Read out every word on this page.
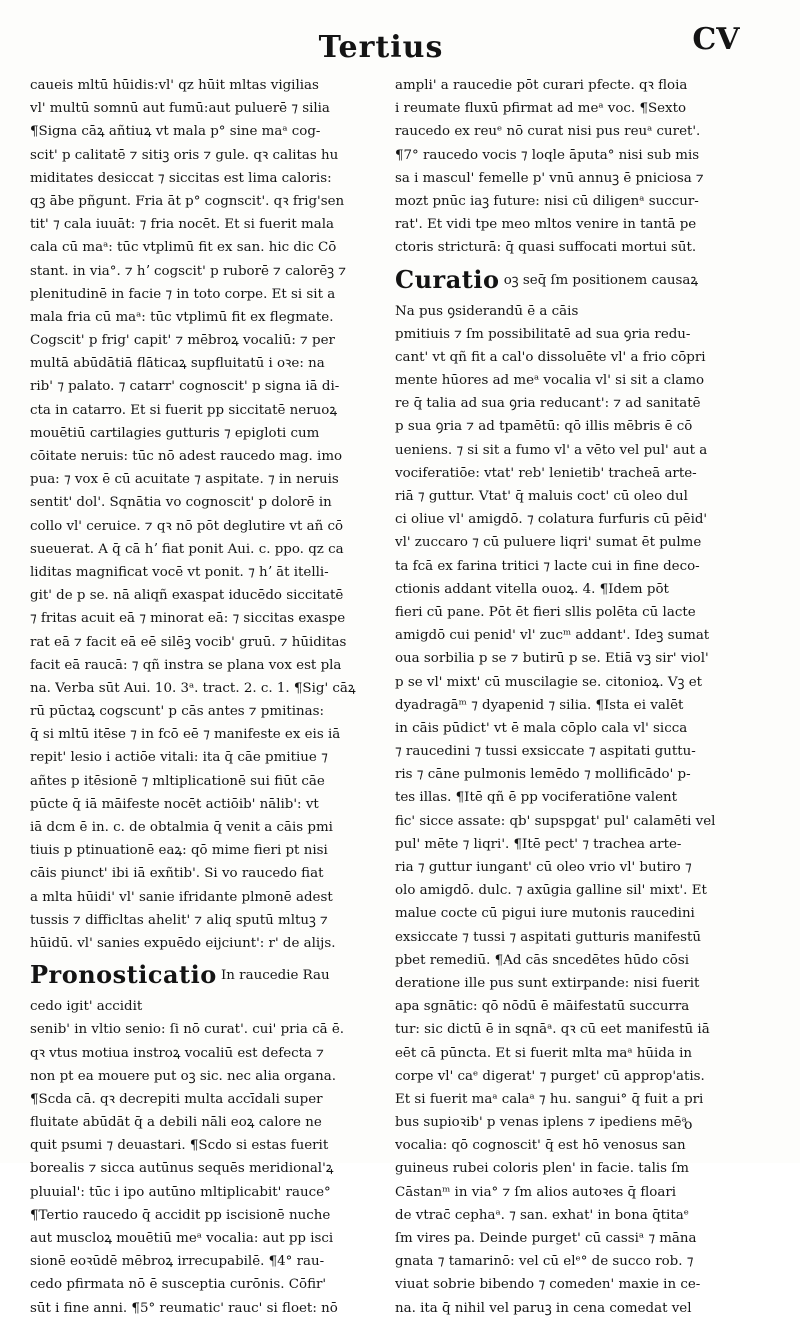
Tertius	CV
caueis mltū hūidis:vl' qz hūit mltas vigilias
vl' multū somnū aut fumū:aut puluerē ⁊ silia
¶Signa cāꝝ añtiuꝝ vt mala p° sine maᵃ cog-
scit' p calitatē ⁊ sitiꝫ oris ⁊ gule. qꝛ calitas hu
miditates desiccat ⁊ siccitas est lima caloris:
qꝫ ābe pñgunt. Fria āt p° cognscit'. qꝛ frig'sen
tit' ⁊ cala iuuāt: ⁊ fria nocēt. Et si fuerit mala
cala cū maᵃ: tūc vtplimū fit ex san. hic dic Cō
stant. in via°. ⁊ hʼ cogscit' p ruborē ⁊ calorēꝫ ⁊
plenitudinē in facie ⁊ in toto corpe. Et si sit a
mala fria cū maᵃ: tūc vtplimū fit ex flegmate.
Cogscit' p frig' capit' ⁊ mēbroꝝ vocaliū: ⁊ per
multā abūdātiā flāticaꝝ supfluitatū i oꝛe: na
rib' ⁊ palato. ⁊ catarr' cognoscit' p signa iā di-
cta in catarro. Et si fuerit pp siccitatē neruoꝝ
mouētiū cartilagies gutturis ⁊ epigloti cum
cōitate neruis: tūc nō adest raucedo mag. imo
pua: ⁊ vox ē cū acuitate ⁊ aspitate. ⁊ in neruis
sentit' dol'. Sqnātia vo cognoscit' p dolorē in
collo vl' ceruice. ⁊ qꝛ nō pōt deglutire vt añ cō
sueuerat. A q̄ cā hʼ fiat ponit Aui. c. ppo. qz ca
liditas magnificat vocē vt ponit. ⁊ hʼ āt itelli-
git' de p se. nā aliqñ exaspat iducēdo siccitatē
⁊ fritas acuit eā ⁊ minorat eā: ⁊ siccitas exaspe
rat eā ⁊ facit eā eē silēꝫ vocib' gruū. ⁊ hūiditas
facit eā raucā: ⁊ qñ instra se plana vox est pla
na. Verba sūt Aui. 10. 3ᵃ. tract. 2. c. 1. ¶Sig' cāꝝ
rū pūctaꝝ cogscunt' p cās antes ⁊ pmitinas:
q̄ si mltū itēse ⁊ in fcō eē ⁊ manifeste ex eis iā
repit' lesio i actiōe vitali: ita q̄ cāe pmitiue ⁊
añtes p itēsionē ⁊ mltiplicationē sui fiūt cāe
pūcte q̄ iā māifeste nocēt actiōib' nālib': vt
iā dcm ē in. c. de obtalmia q̄ venit a cāis pmi
tiuis p ptinuationē eaꝝ: qō mime fieri pt nisi
cāis piunct' ibi iā exñtib'. Si vo raucedo fiat
a mlta hūidi' vl' sanie ifridante plmonē adest
tussis ⁊ difficltas ahelit' ⁊ aliq sputū mltuꝫ ⁊
hūidū. vl' sanies expuēdo eijciunt': r' de alijs.
Pronosticatio In raucedie Rau
cedo igit' accidit
senib' in vltio senio: ſi nō curat'. cui' pria cā ē.
qꝛ vtus motiua instroꝝ vocaliū est defecta ⁊
non pt ea mouere put oꝫ sic. nec alia organa.
¶Scda cā. qꝛ decrepiti multa accīdali super
fluitate abūdāt q̄ a debili nāli eoꝝ calore ne
quit psumi ⁊ deuastari. ¶Scdo si estas fuerit
borealis ⁊ sicca autūnus sequēs meridional'ꝝ
pluuial': tūc i ipo autūno mltiplicabit' rauce°
¶Tertio raucedo q̄ accidit pp iscisionē nuche
aut muscloꝝ mouētiū meᵃ vocalia: aut pp isci
sionē eoꝛūdē mēbroꝝ irrecupabilē. ¶4° rau-
cedo pfirmata nō ē susceptia curōnis. Cōfir'
sūt i fine anni. ¶5° reumatic' rauc' si floet: nō
ampli' a raucedie pōt curari pfecte. qꝛ floia
i reumate fluxū pfirmat ad meᵃ voc. ¶Sexto
raucedo ex reuᵉ nō curat nisi pus reuᵃ curet'.
¶7° raucedo vocis ⁊ loqle āputa° nisi sub mis
sa i mascul' femelle p' vnū annuꝫ ē pniciosa ⁊
mozt pnūc iaꝫ future: nisi cū diligenᵃ succur-
rat'. Et vidi tpe meo mltos venire in tantā pe
ctoris stricturā: q̄ quasi suffocati mortui sūt.
Curatio oꝫ seq̄ ſm positionem causaꝝ
Na pus ꝯsiderandū ē a cāis
pmitiuis ⁊ ſm possibilitatē ad sua ꝯria redu-
cant' vt qñ fit a cal'o dissoluēte vl' a frio cōpri
mente hūores ad meᵃ vocalia vl' si sit a clamo
re q̄ talia ad sua ꝯria reducant': ⁊ ad sanitatē
p sua ꝯria ⁊ ad tpamētū: qō illis mēbris ē cō
ueniens. ⁊ si sit a fumo vl' a vēto vel pul' aut a
vociferatiōe: vtat' reb' lenietib' tracheā arte-
riā ⁊ guttur. Vtat' q̄ maluis coct' cū oleo dul
ci oliue vl' amigdō. ⁊ colatura furfuris cū pēid'
vl' zuccaro ⁊ cū puluere liqri' sumat ēt pulme
ta fcā ex farina tritici ⁊ lacte cui in fine deco-
ctionis addant vitella ouoꝝ. 4. ¶Idem pōt
fieri cū pane. Pōt ēt fieri sllis polēta cū lacte
amigdō cui penid' vl' zucᵐ addant'. Ideꝫ sumat
oua sorbilia p se ⁊ butirū p se. Etiā vꝫ sir' viol'
p se vl' mixt' cū muscilagie se. citonioꝝ. Vꝫ et
dyadragāᵐ ⁊ dyapenid ⁊ silia. ¶Ista ei valēt
in cāis pūdict' vt ē mala cōplo cala vl' sicca
⁊ raucedini ⁊ tussi exsiccate ⁊ aspitati guttu-
ris ⁊ cāne pulmonis lemēdo ⁊ mollificādo' p-
tes illas. ¶Itē qñ ē pp vociferatiōne valent
fic' sicce assate: qb' supspgat' pul' calamēti vel
pul' mēte ⁊ liqri'. ¶Itē pect' ⁊ trachea arte-
ria ⁊ guttur iungant' cū oleo vrio vl' butiro ⁊
olo amigdō. dulc. ⁊ axūgia galline sil' mixt'. Et
malue cocte cū pigui iure mutonis raucedini
exsiccate ⁊ tussi ⁊ aspitati gutturis manifestū
pbet remediū. ¶Ad cās sncedētes hūdo cōsi
deratione ille pus sunt extirpande: nisi fuerit
apa sgnātic: qō nōdū ē māifestatū succurra
tur: sic dictū ē in sqnāᵃ. qꝛ cū eet manifestū iā
eēt cā pūncta. Et si fuerit mlta maᵃ hūida in
corpe vl' caᵉ digerat' ⁊ purget' cū approp'atis.
Et si fuerit maᵃ calaᵃ ⁊ hu. sangui° q̄ fuit a pri
bus supioꝛib' p venas iplens ⁊ ipediens mēᵃ
vocalia: qō cognoscit' q̄ est hō venosus san
guineus rubei coloris plen' in facie. talis ſm
Cāstanᵐ in via° ⁊ ſm alios autoꝛes q̄ floari
de vtrac̄ cephaᵃ. ⁊ san. exhat' in bona q̄titaᵉ
ſm vires pa. Deinde purget' cū cassiᵃ ⁊ māna
gnata ⁊ tamarinō: vel cū elᵉ° de succo rob. ⁊
viuat sobrie bibendo ⁊ comeden' maxie in ce-
na. ita q̄ nihil vel paruꝫ in cena comedat vel
o
